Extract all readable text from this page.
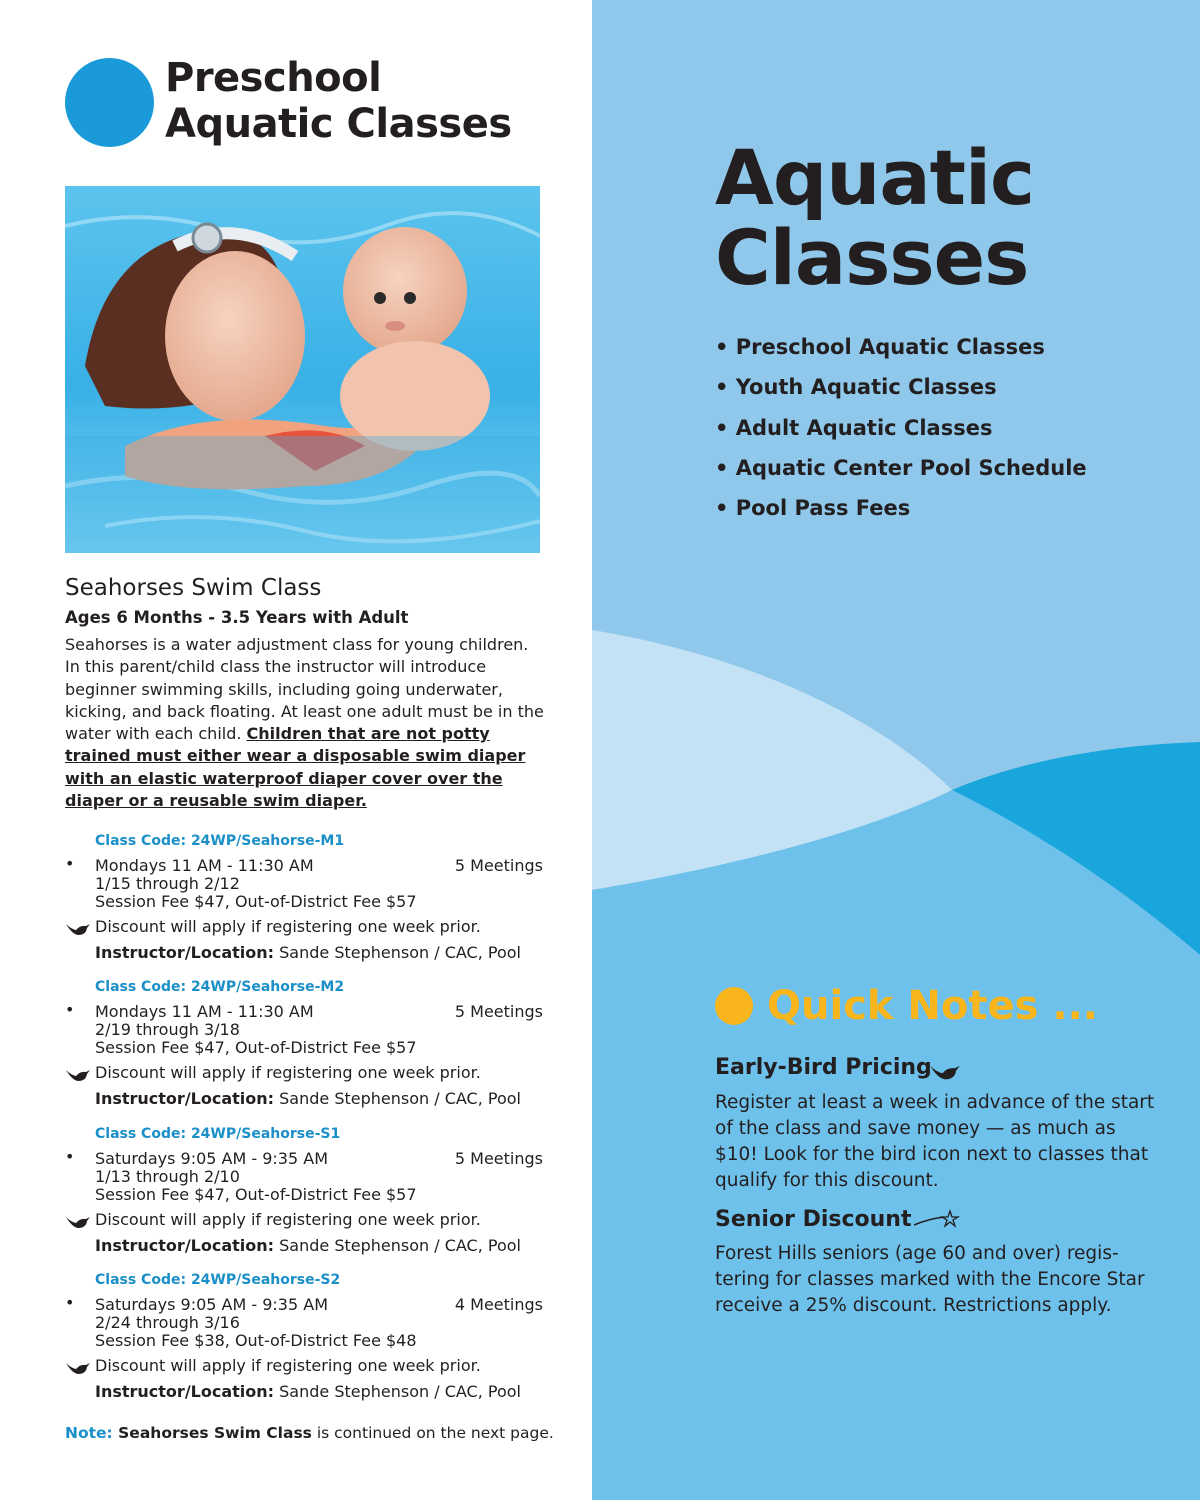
Preschool
Aquatic Classes
Seahorses Swim Class
Ages 6 Months - 3.5 Years with Adult
Seahorses is a water adjustment class for young children. In this parent/child class the instructor will introduce beginner swimming skills, including going underwater, kicking, and back floating. At least one adult must be in the water with each child. Children that are not potty trained must either wear a disposable swim diaper with an elastic waterproof diaper cover over the diaper or a reusable swim diaper.
Class Code: 24WP/Seahorse-M1
• Mondays 11 AM - 11:30 AM	5 Meetings
1/15 through 2/12
Session Fee $47, Out-of-District Fee $57
Discount will apply if registering one week prior.
Instructor/Location: Sande Stephenson / CAC, Pool
Class Code: 24WP/Seahorse-M2
• Mondays 11 AM - 11:30 AM	5 Meetings
2/19 through 3/18
Session Fee $47, Out-of-District Fee $57
Discount will apply if registering one week prior.
Instructor/Location: Sande Stephenson / CAC, Pool
Class Code: 24WP/Seahorse-S1
• Saturdays 9:05 AM - 9:35 AM	5 Meetings
1/13 through 2/10
Session Fee $47, Out-of-District Fee $57
Discount will apply if registering one week prior.
Instructor/Location: Sande Stephenson / CAC, Pool
Class Code: 24WP/Seahorse-S2
• Saturdays 9:05 AM - 9:35 AM	4 Meetings
2/24 through 3/16
Session Fee $38, Out-of-District Fee $48
Discount will apply if registering one week prior.
Instructor/Location: Sande Stephenson / CAC, Pool
Note: Seahorses Swim Class is continued on the next page.
Aquatic
Classes
• Preschool Aquatic Classes
• Youth Aquatic Classes
• Adult Aquatic Classes
• Aquatic Center Pool Schedule
• Pool Pass Fees
Quick Notes ...
Early-Bird Pricing

Register at least a week in advance of the start of the class and save money — as much as $10! Look for the bird icon next to classes that qualify for this discount.

Senior Discount

Forest Hills seniors (age 60 and over) regis-tering for classes marked with the Encore Star receive a 25% discount. Restrictions apply.
